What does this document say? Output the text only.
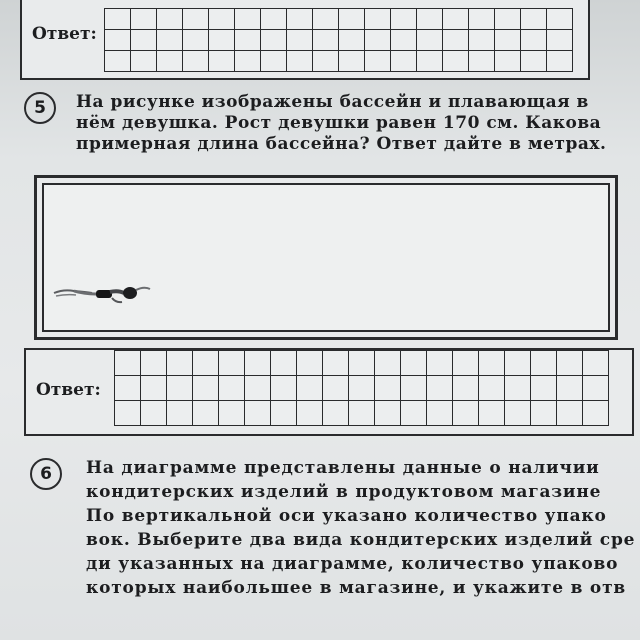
Ответ:
5	На рисунке изображены бассейн и плавающая в
нём девушка. Рост девушки равен 170 см. Какова
примерная длина бассейна? Ответ дайте в метрах.
Ответ:
6	На диаграмме представлены данные о наличии
кондитерских изделий в продуктовом магазине
По вертикальной оси указано количество упако
вок. Выберите два вида кондитерских изделий сре
ди указанных на диаграмме, количество упаково
которых наибольшее в магазине, и укажите в отв
